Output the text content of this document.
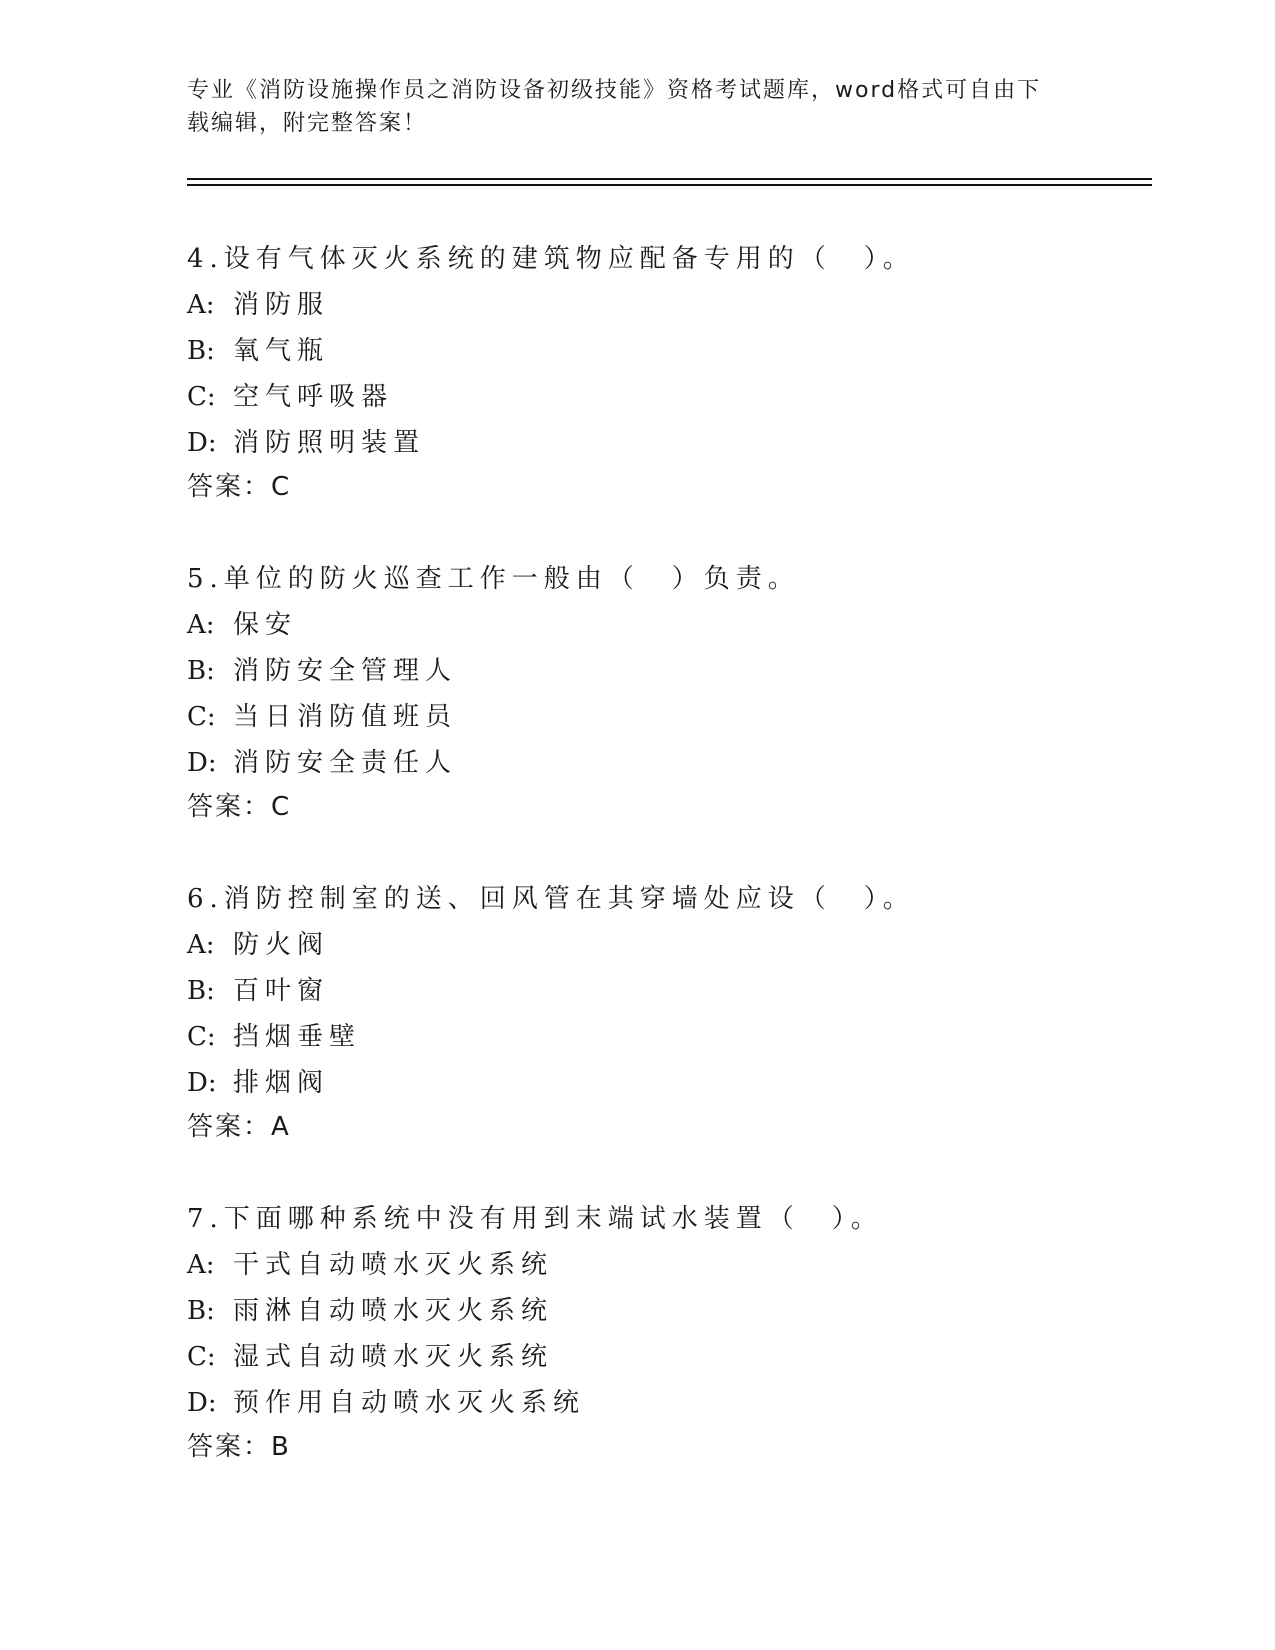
专业《消防设施操作员之消防设备初级技能》资格考试题库，word格式可自由下
载编辑，附完整答案！
4.设有气体灭火系统的建筑物应配备专用的（　）。
A: 消防服
B: 氧气瓶
C: 空气呼吸器
D: 消防照明装置
答案：C
5.单位的防火巡查工作一般由（　）负责。
A: 保安
B: 消防安全管理人
C: 当日消防值班员
D: 消防安全责任人
答案：C
6.消防控制室的送、回风管在其穿墙处应设（　）。
A: 防火阀
B: 百叶窗
C: 挡烟垂壁
D: 排烟阀
答案：A
7.下面哪种系统中没有用到末端试水装置（　）。
A: 干式自动喷水灭火系统
B: 雨淋自动喷水灭火系统
C: 湿式自动喷水灭火系统
D: 预作用自动喷水灭火系统
答案：B
